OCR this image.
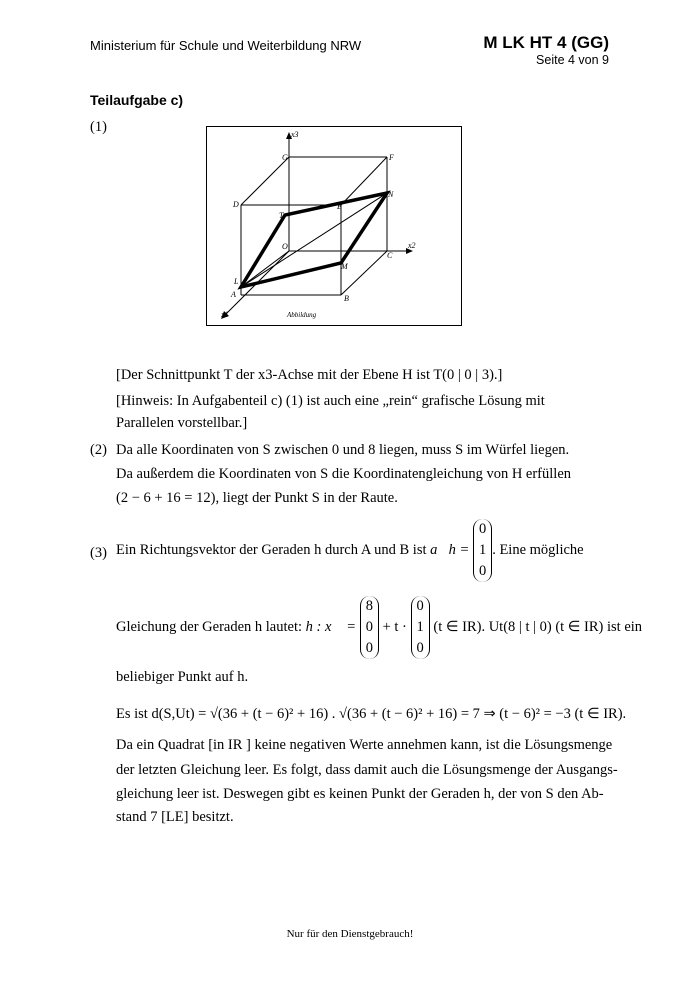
Ministerium für Schule und Weiterbildung NRW	M LK HT 4 (GG)
Seite 4 von 9
Teilaufgabe c)
(1)	x3
x2
x1
G	F
D	E
N
T
O
L
M
C
A	B
Abbildung
[Der Schnittpunkt T der x3-Achse mit der Ebene H ist T(0 | 0 | 3).]
[Hinweis: In Aufgabenteil c) (1) ist auch eine „rein“ grafische Lösung mit Parallelen vorstellbar.]
(2) Da alle Koordinaten von S zwischen 0 und 8 liegen, muss S im Würfel liegen.
Da außerdem die Koordinaten von S die Koordinatengleichung von H erfüllen
(2 − 6 + 16 = 12), liegt der Punkt S in der Raute.
(3) Ein Richtungsvektor der Geraden h durch A und B ist a⃗h =
0
1
0
. Eine mögliche
Gleichung der Geraden h lautet: h : x⃗ =
8
0
0
+ t ·
0
1
0
(t ∈ IR). Ut(8 | t | 0) (t ∈ IR) ist ein
beliebiger Punkt auf h.
Es ist d(S,Ut) = √(36 + (t − 6)² + 16) . √(36 + (t − 6)² + 16) = 7 ⇒ (t − 6)² = −3 (t ∈ IR).
Da ein Quadrat [in IR ] keine negativen Werte annehmen kann, ist die Lösungsmenge
der letzten Gleichung leer. Es folgt, dass damit auch die Lösungsmenge der Ausgangs-
gleichung leer ist. Deswegen gibt es keinen Punkt der Geraden h, der von S den Ab-
stand 7 [LE] besitzt.
Nur für den Dienstgebrauch!
